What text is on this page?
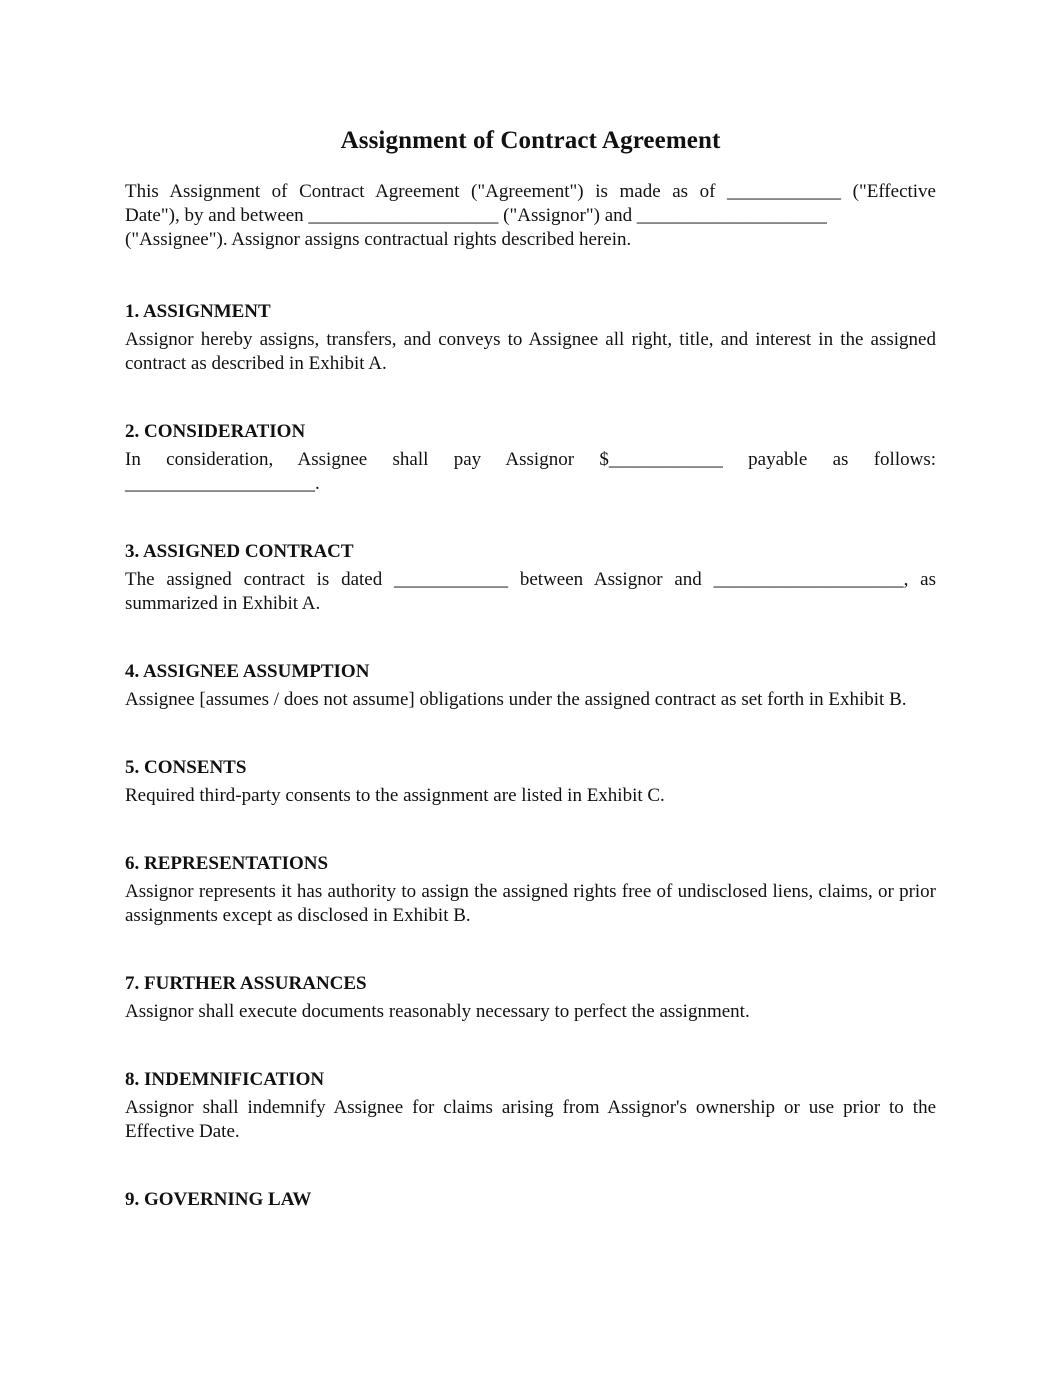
Assignment of Contract Agreement
This Assignment of Contract Agreement ("Agreement") is made as of ____________ ("Effective
Date"), by and between ____________________ ("Assignor") and ____________________
("Assignee"). Assignor assigns contractual rights described herein.
1. ASSIGNMENT

Assignor hereby assigns, transfers, and conveys to Assignee all right, title, and interest in the assigned contract as described in Exhibit A.

2. CONSIDERATION
In consideration, Assignee shall pay Assignor $____________ payable as follows:
____________________.
3. ASSIGNED CONTRACT

The assigned contract is dated ____________ between Assignor and ____________________, as summarized in Exhibit A.

4. ASSIGNEE ASSUMPTION

Assignee [assumes / does not assume] obligations under the assigned contract as set forth in Exhibit B.

5. CONSENTS

Required third-party consents to the assignment are listed in Exhibit C.

6. REPRESENTATIONS

Assignor represents it has authority to assign the assigned rights free of undisclosed liens, claims, or prior assignments except as disclosed in Exhibit B.

7. FURTHER ASSURANCES

Assignor shall execute documents reasonably necessary to perfect the assignment.

8. INDEMNIFICATION

Assignor shall indemnify Assignee for claims arising from Assignor's ownership or use prior to the Effective Date.

9. GOVERNING LAW
